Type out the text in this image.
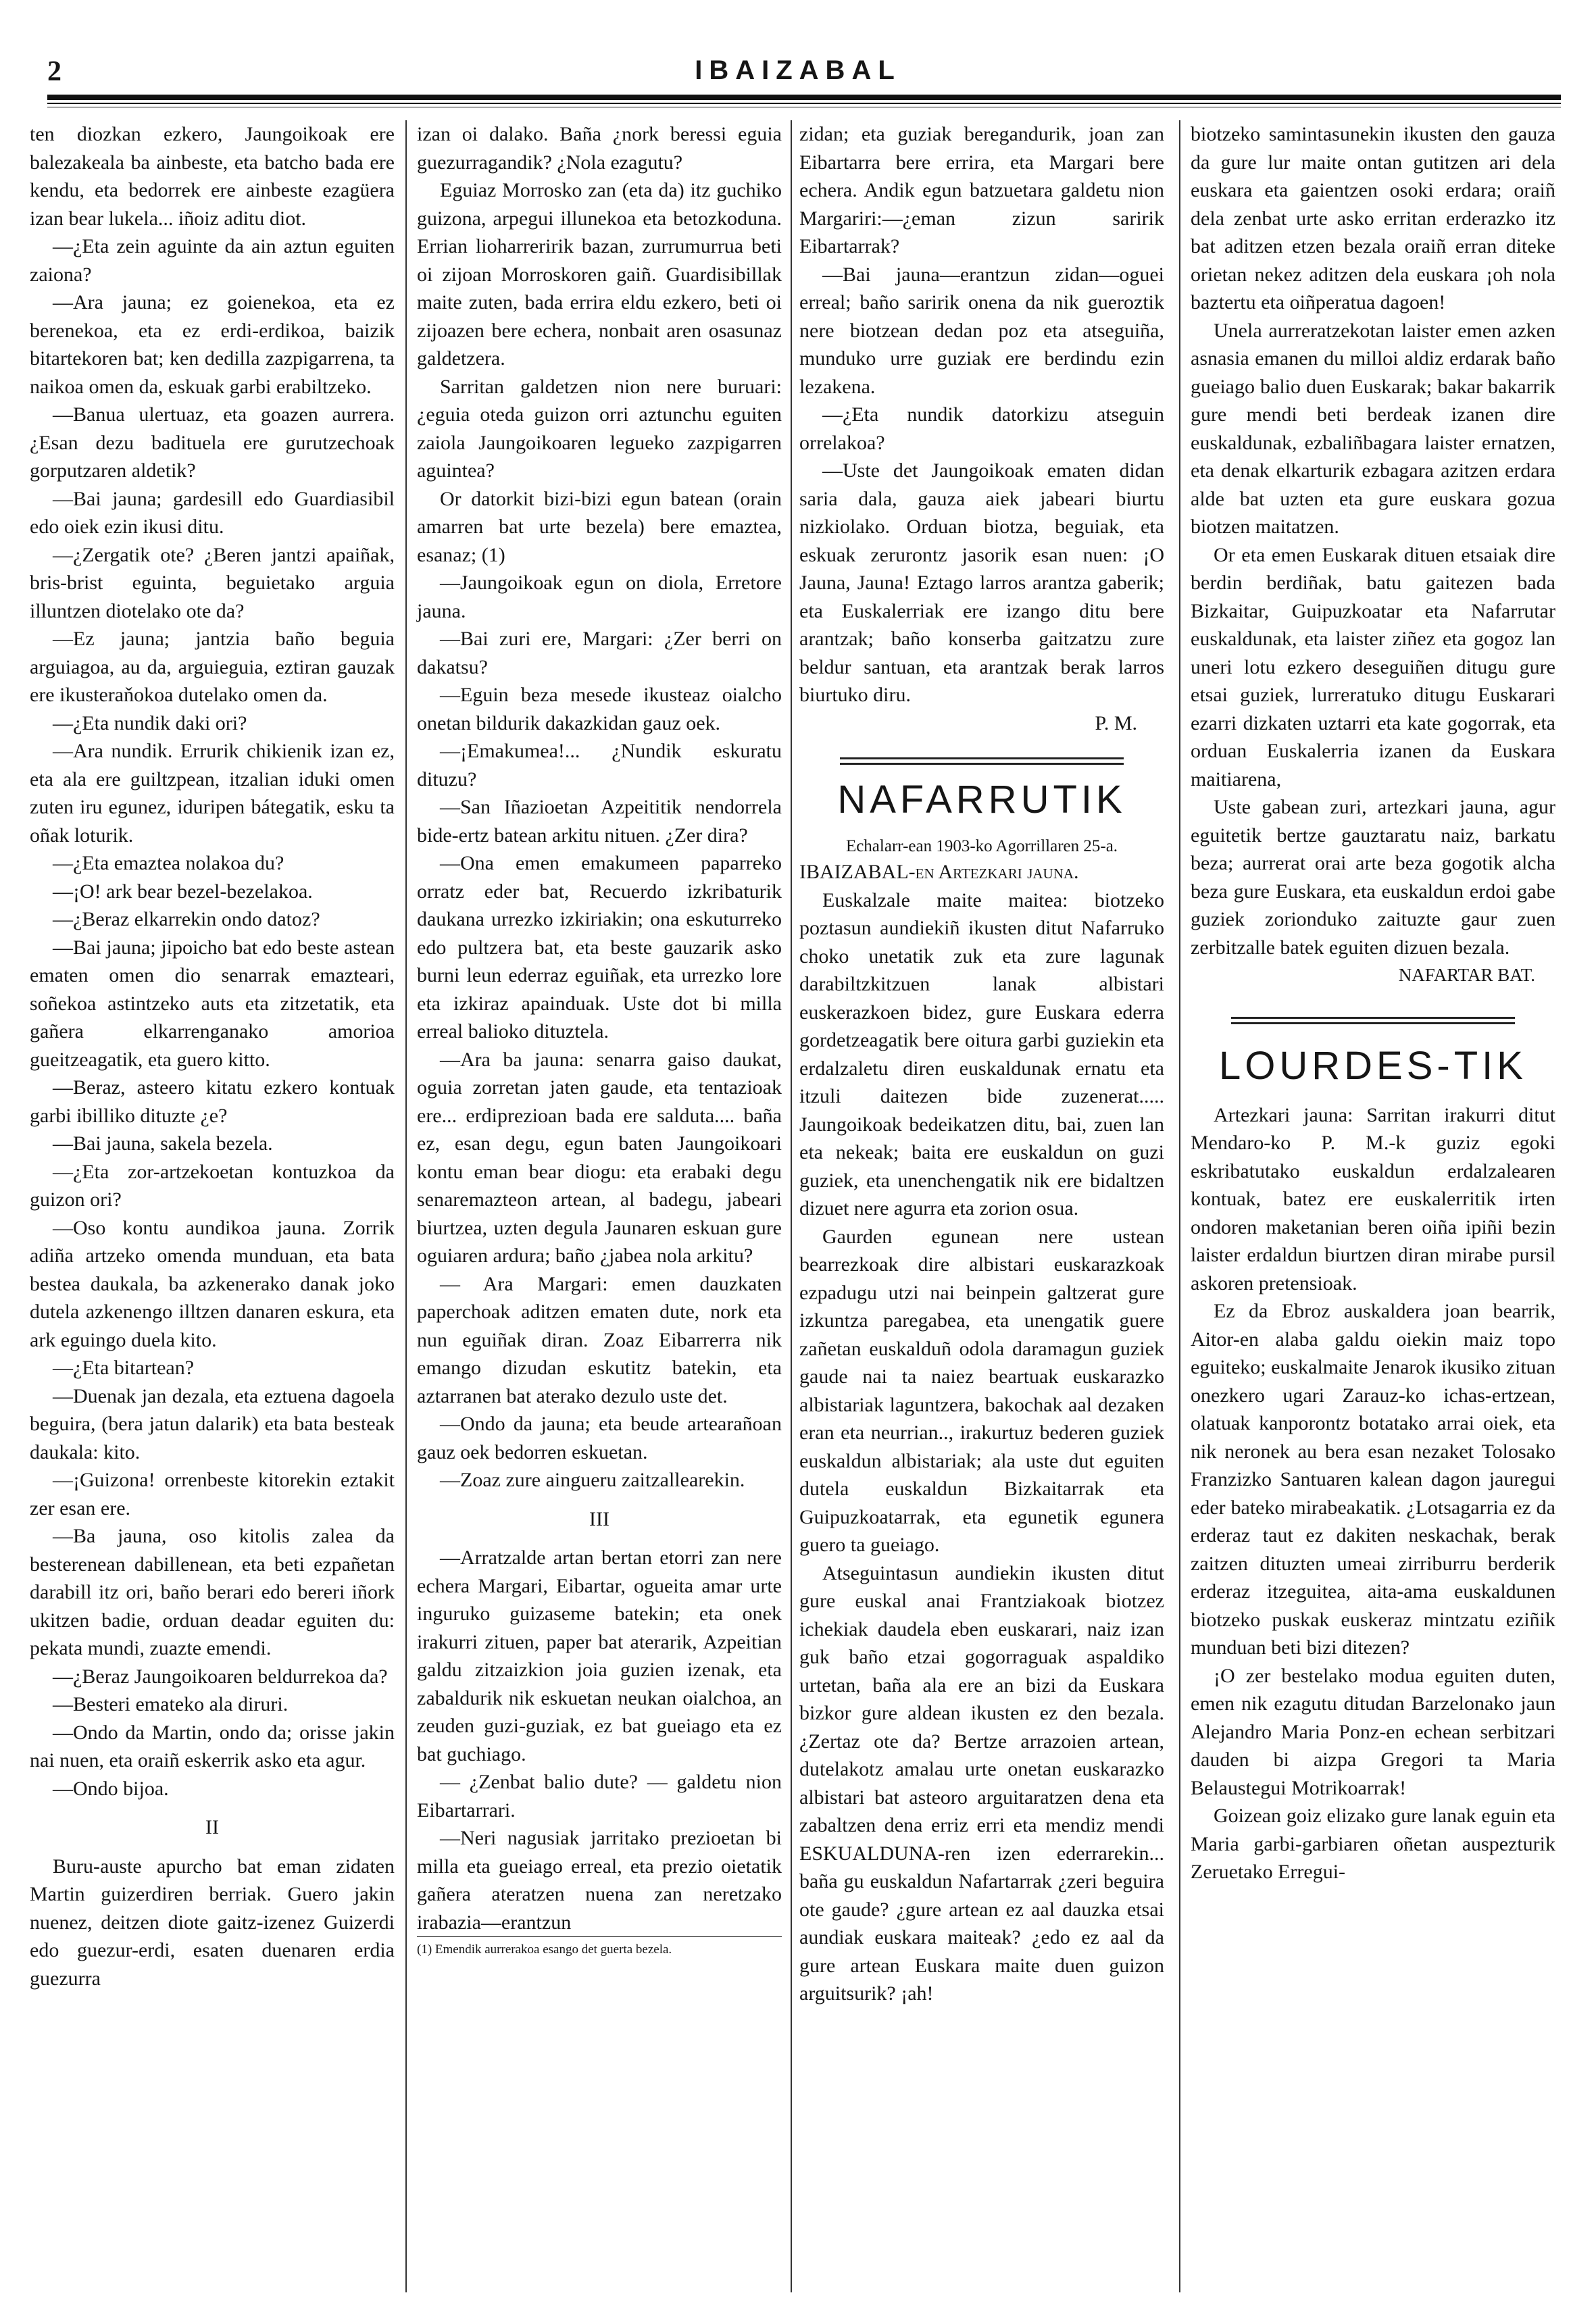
2	IBAIZABAL

ten diozkan ezkero, Jaungoikoak ere balezakeala ba ainbeste, eta batcho bada ere kendu, eta bedorrek ere ainbeste ezagüera izan bear lukela... iñoiz aditu diot.

—¿Eta zein aguinte da ain aztun eguiten zaiona?

—Ara jauna; ez goienekoa, eta ez berenekoa, eta ez erdi-erdikoa, baizik bitartekoren bat; ken dedilla zazpigarrena, ta naikoa omen da, eskuak garbi erabiltzeko.

—Banua ulertuaz, eta goazen aurrera. ¿Esan dezu badituela ere gurutzechoak gorputzaren aldetik?

—Bai jauna; gardesill edo Guardiasibil edo oiek ezin ikusi ditu.

—¿Zergatik ote? ¿Beren jantzi apaiñak, bris-brist eguinta, beguietako arguia illuntzen diotelako ote da?

—Ez jauna; jantzia baño beguia arguiagoa, au da, arguieguia, eztiran gauzak ere ikusteraňokoa dutelako omen da.

—¿Eta nundik daki ori?

—Ara nundik. Errurik chikienik izan ez, eta ala ere guiltzpean, itzalian iduki omen zuten iru egunez, iduripen bátegatik, esku ta oñak loturik.

—¿Eta emaztea nolakoa du?

—¡O! ark bear bezel-bezelakoa.

—¿Beraz elkarrekin ondo datoz?

—Bai jauna; jipoicho bat edo beste astean ematen omen dio senarrak emazteari, soñekoa astintzeko auts eta zitzetatik, eta gañera elkarrenganako amorioa gueitzeagatik, eta guero kitto.

—Beraz, asteero kitatu ezkero kontuak garbi ibilliko dituzte ¿e?

—Bai jauna, sakela bezela.

—¿Eta zor-artzekoetan kontuzkoa da guizon ori?

—Oso kontu aundikoa jauna. Zorrik adiña artzeko omenda munduan, eta bata bestea daukala, ba azkenerako danak joko dutela azkenengo illtzen danaren eskura, eta ark eguingo duela kito.

—¿Eta bitartean?

—Duenak jan dezala, eta eztuena dagoela beguira, (bera jatun dalarik) eta bata besteak daukala: kito.

—¡Guizona! orrenbeste kitorekin eztakit zer esan ere.

—Ba jauna, oso kitolis zalea da besterenean dabillenean, eta beti ezpañetan darabill itz ori, baño berari edo bereri iñork ukitzen badie, orduan deadar eguiten du: pekata mundi, zuazte emendi.

—¿Beraz Jaungoikoaren beldurrekoa da?

—Besteri emateko ala diruri.

—Ondo da Martin, ondo da; orisse jakin nai nuen, eta oraiñ eskerrik asko eta agur.

—Ondo bijoa.

II

Buru-auste apurcho bat eman zidaten Martin guizerdiren berriak. Guero jakin nuenez, deitzen diote gaitz-izenez Guizerdi edo guezur-erdi, esaten duenaren erdia guezurra

izan oi dalako. Baña ¿nork beressi eguia guezurragandik? ¿Nola ezagutu?

Eguiaz Morrosko zan (eta da) itz guchiko guizona, arpegui illunekoa eta betozkoduna. Errian lioharreririk bazan, zurrumurrua beti oi zijoan Morroskoren gaiñ. Guardisibillak maite zuten, bada errira eldu ezkero, beti oi zijoazen bere echera, nonbait aren osasunaz galdetzera.

Sarritan galdetzen nion nere buruari: ¿eguia oteda guizon orri aztunchu eguiten zaiola Jaungoikoaren legueko zazpigarren aguintea?

Or datorkit bizi-bizi egun batean (orain amarren bat urte bezela) bere emaztea, esanaz; (1)

—Jaungoikoak egun on diola, Erretore jauna.

—Bai zuri ere, Margari: ¿Zer berri on dakatsu?

—Eguin beza mesede ikusteaz oialcho onetan bildurik dakazkidan gauz oek.

—¡Emakumea!... ¿Nundik eskuratu dituzu?

—San Iñazioetan Azpeititik nendorrela bide-ertz batean arkitu nituen. ¿Zer dira?

—Ona emen emakumeen paparreko orratz eder bat, Recuerdo izkribaturik daukana urrezko izkiriakin; ona eskuturreko edo pultzera bat, eta beste gauzarik asko burni leun ederraz eguiñak, eta urrezko lore eta izkiraz apainduak. Uste dot bi milla erreal balioko dituztela.

—Ara ba jauna: senarra gaiso daukat, oguia zorretan jaten gaude, eta tentazioak ere... erdiprezioan bada ere salduta.... baña ez, esan degu, egun baten Jaungoikoari kontu eman bear diogu: eta erabaki degu senaremazteon artean, al badegu, jabeari biurtzea, uzten degula Jaunaren eskuan gure oguiaren ardura; baño ¿jabea nola arkitu?

— Ara Margari: emen dauzkaten paperchoak aditzen ematen dute, nork eta nun eguiñak diran. Zoaz Eibarrerra nik emango dizudan eskutitz batekin, eta aztarranen bat aterako dezulo uste det.

—Ondo da jauna; eta beude artearañoan gauz oek bedorren eskuetan.

—Zoaz zure aingueru zaitzallearekin.

III

—Arratzalde artan bertan etorri zan nere echera Margari, Eibartar, ogueita amar urte inguruko guizaseme batekin; eta onek irakurri zituen, paper bat aterarik, Azpeitian galdu zitzaizkion joia guzien izenak, eta zabaldurik nik eskuetan neukan oialchoa, an zeuden guzi-guziak, ez bat gueiago eta ez bat guchiago.

— ¿Zenbat balio dute? — galdetu nion Eibartarrari.

—Neri nagusiak jarritako prezioetan bi milla eta gueiago erreal, eta prezio oietatik gañera ateratzen nuena zan neretzako irabazia—erantzun

(1) Emendik aurrerakoa esango det guerta bezela.

zidan; eta guziak beregandurik, joan zan Eibartarra bere errira, eta Margari bere echera. Andik egun batzuetara galdetu nion Margariri:—¿eman zizun saririk Eibartarrak?

—Bai jauna—erantzun zidan—oguei erreal; baño saririk onena da nik gueroztik nere biotzean dedan poz eta atseguiña, munduko urre guziak ere berdindu ezin lezakena.

—¿Eta nundik datorkizu atseguin orrelakoa?

—Uste det Jaungoikoak ematen didan saria dala, gauza aiek jabeari biurtu nizkiolako. Orduan biotza, beguiak, eta eskuak zerurontz jasorik esan nuen: ¡O Jauna, Jauna! Eztago larros arantza gaberik; eta Euskalerriak ere izango ditu bere arantzak; baño konserba gaitzatzu zure beldur santuan, eta arantzak berak larros biurtuko diru.

P. M.

NAFARRUTIK

Echalarr-ean 1903-ko Agorrillaren 25-a.

IBAIZABAL-en Artezkari jauna.

Euskalzale maite maitea: biotzeko poztasun aundiekiñ ikusten ditut Nafarruko choko unetatik zuk eta zure lagunak darabiltzkitzuen lanak albistari euskerazkoen bidez, gure Euskara ederra gordetzeagatik bere oitura garbi guziekin eta erdalzaletu diren euskaldunak ernatu eta itzuli daitezen bide zuzenerat..... Jaungoikoak bedeikatzen ditu, bai, zuen lan eta nekeak; baita ere euskaldun on guzi guziek, eta unenchengatik nik ere bidaltzen dizuet nere agurra eta zorion osua.

Gaurden egunean nere ustean bearrezkoak dire albistari euskarazkoak ezpadugu utzi nai beinpein galtzerat gure izkuntza paregabea, eta unengatik guere zañetan euskalduñ odola daramagun guziek gaude nai ta naiez beartuak euskarazko albistariak laguntzera, bakochak aal dezaken eran eta neurrian.., irakurtuz bederen guziek euskaldun albistariak; ala uste dut eguiten dutela euskaldun Bizkaitarrak eta Guipuzkoatarrak, eta egunetik egunera guero ta gueiago.

Atseguintasun aundiekin ikusten ditut gure euskal anai Frantziakoak biotzez ichekiak daudela eben euskarari, naiz izan guk baño etzai gogorraguak aspaldiko urtetan, baña ala ere an bizi da Euskara bizkor gure aldean ikusten ez den bezala. ¿Zertaz ote da? Bertze arrazoien artean, dutelakotz amalau urte onetan euskarazko albistari bat asteoro arguitaratzen dena eta zabaltzen dena erriz erri eta mendiz mendi ESKUALDUNA-ren izen ederrarekin... baña gu euskaldun Nafartarrak ¿zeri beguira ote gaude? ¿gure artean ez aal dauzka etsai aundiak euskara maiteak? ¿edo ez aal da gure artean Euskara maite duen guizon arguitsurik? ¡ah!

biotzeko samintasunekin ikusten den gauza da gure lur maite ontan gutitzen ari dela euskara eta gaientzen osoki erdara; oraiñ dela zenbat urte asko erritan erderazko itz bat aditzen etzen bezala oraiñ erran diteke orietan nekez aditzen dela euskara ¡oh nola baztertu eta oiñperatua dagoen!

Unela aurreratzekotan laister emen azken asnasia emanen du milloi aldiz erdarak baño gueiago balio duen Euskarak; bakar bakarrik gure mendi beti berdeak izanen dire euskaldunak, ezbaliñbagara laister ernatzen, eta denak elkarturik ezbagara azitzen erdara alde bat uzten eta gure euskara gozua biotzen maitatzen.

Or eta emen Euskarak dituen etsaiak dire berdin berdiñak, batu gaitezen bada Bizkaitar, Guipuzkoatar eta Nafarrutar euskaldunak, eta laister ziñez eta gogoz lan uneri lotu ezkero deseguiñen ditugu gure etsai guziek, lurreratuko ditugu Euskarari ezarri dizkaten uztarri eta kate gogorrak, eta orduan Euskalerria izanen da Euskara maitiarena,

Uste gabean zuri, artezkari jauna, agur eguitetik bertze gauztaratu naiz, barkatu beza; aurrerat orai arte beza gogotik alcha beza gure Euskara, eta euskaldun erdoi gabe guziek zorionduko zaituzte gaur zuen zerbitzalle batek eguiten dizuen bezala.

NAFARTAR BAT.

LOURDES-TIK

Artezkari jauna: Sarritan irakurri ditut Mendaro-ko P. M.-k guziz egoki eskribatutako euskaldun erdalzalearen kontuak, batez ere euskalerritik irten ondoren maketanian beren oiña ipiñi bezin laister erdaldun biurtzen diran mirabe pursil askoren pretensioak.

Ez da Ebroz auskaldera joan bearrik, Aitor-en alaba galdu oiekin maiz topo eguiteko; euskalmaite Jenarok ikusiko zituan onezkero ugari Zarauz-ko ichas-ertzean, olatuak kanporontz botatako arrai oiek, eta nik neronek au bera esan nezaket Tolosako Franzizko Santuaren kalean dagon jauregui eder bateko mirabeakatik. ¿Lotsagarria ez da erderaz taut ez dakiten neskachak, berak zaitzen dituzten umeai zirriburru berderik erderaz itzeguitea, aita-ama euskaldunen biotzeko puskak euskeraz mintzatu eziñik munduan beti bizi ditezen?

¡O zer bestelako modua eguiten duten, emen nik ezagutu ditudan Barzelonako jaun Alejandro Maria Ponz-en echean serbitzari dauden bi aizpa Gregori ta Maria Belaustegui Motrikoarrak!

Goizean goiz elizako gure lanak eguin eta Maria garbi-garbiaren oñetan auspezturik Zeruetako Erregui-
